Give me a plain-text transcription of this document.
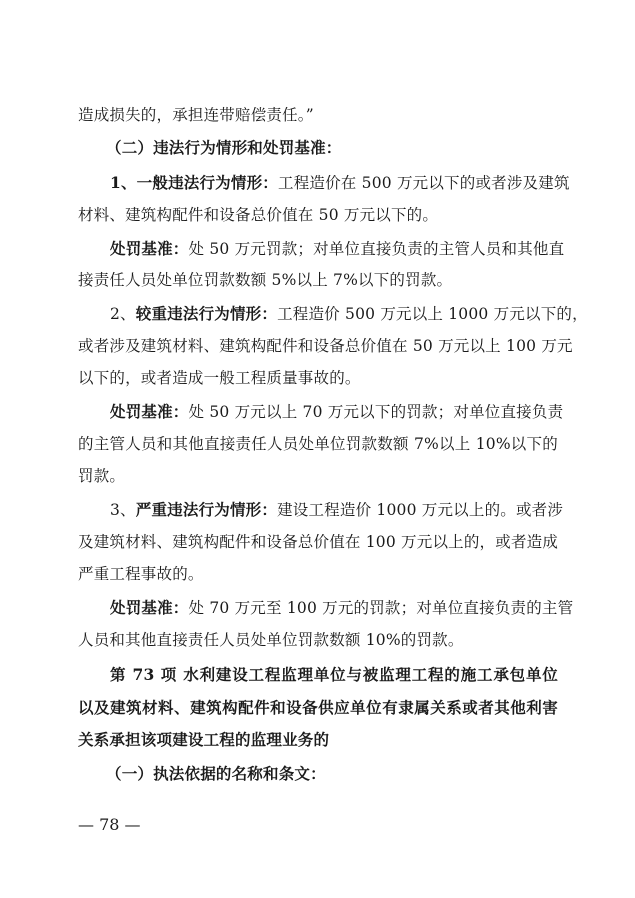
造成损失的，承担连带赔偿责任。”
（二）违法行为情形和处罚基准：
1、一般违法行为情形：工程造价在 500 万元以下的或者涉及建筑
材料、建筑构配件和设备总价值在 50 万元以下的。
处罚基准：处 50 万元罚款；对单位直接负责的主管人员和其他直
接责任人员处单位罚款数额 5%以上 7%以下的罚款。
2、较重违法行为情形：工程造价 500 万元以上 1000 万元以下的，
或者涉及建筑材料、建筑构配件和设备总价值在 50 万元以上 100 万元
以下的，或者造成一般工程质量事故的。
处罚基准：处 50 万元以上 70 万元以下的罚款；对单位直接负责
的主管人员和其他直接责任人员处单位罚款数额 7%以上 10%以下的
罚款。
3、严重违法行为情形：建设工程造价 1000 万元以上的。或者涉
及建筑材料、建筑构配件和设备总价值在 100 万元以上的，或者造成
严重工程事故的。
处罚基准：处 70 万元至 100 万元的罚款；对单位直接负责的主管
人员和其他直接责任人员处单位罚款数额 10%的罚款。
第 73 项 水利建设工程监理单位与被监理工程的施工承包单位
以及建筑材料、建筑构配件和设备供应单位有隶属关系或者其他利害
关系承担该项建设工程的监理业务的
（一）执法依据的名称和条文：
— 78 —
